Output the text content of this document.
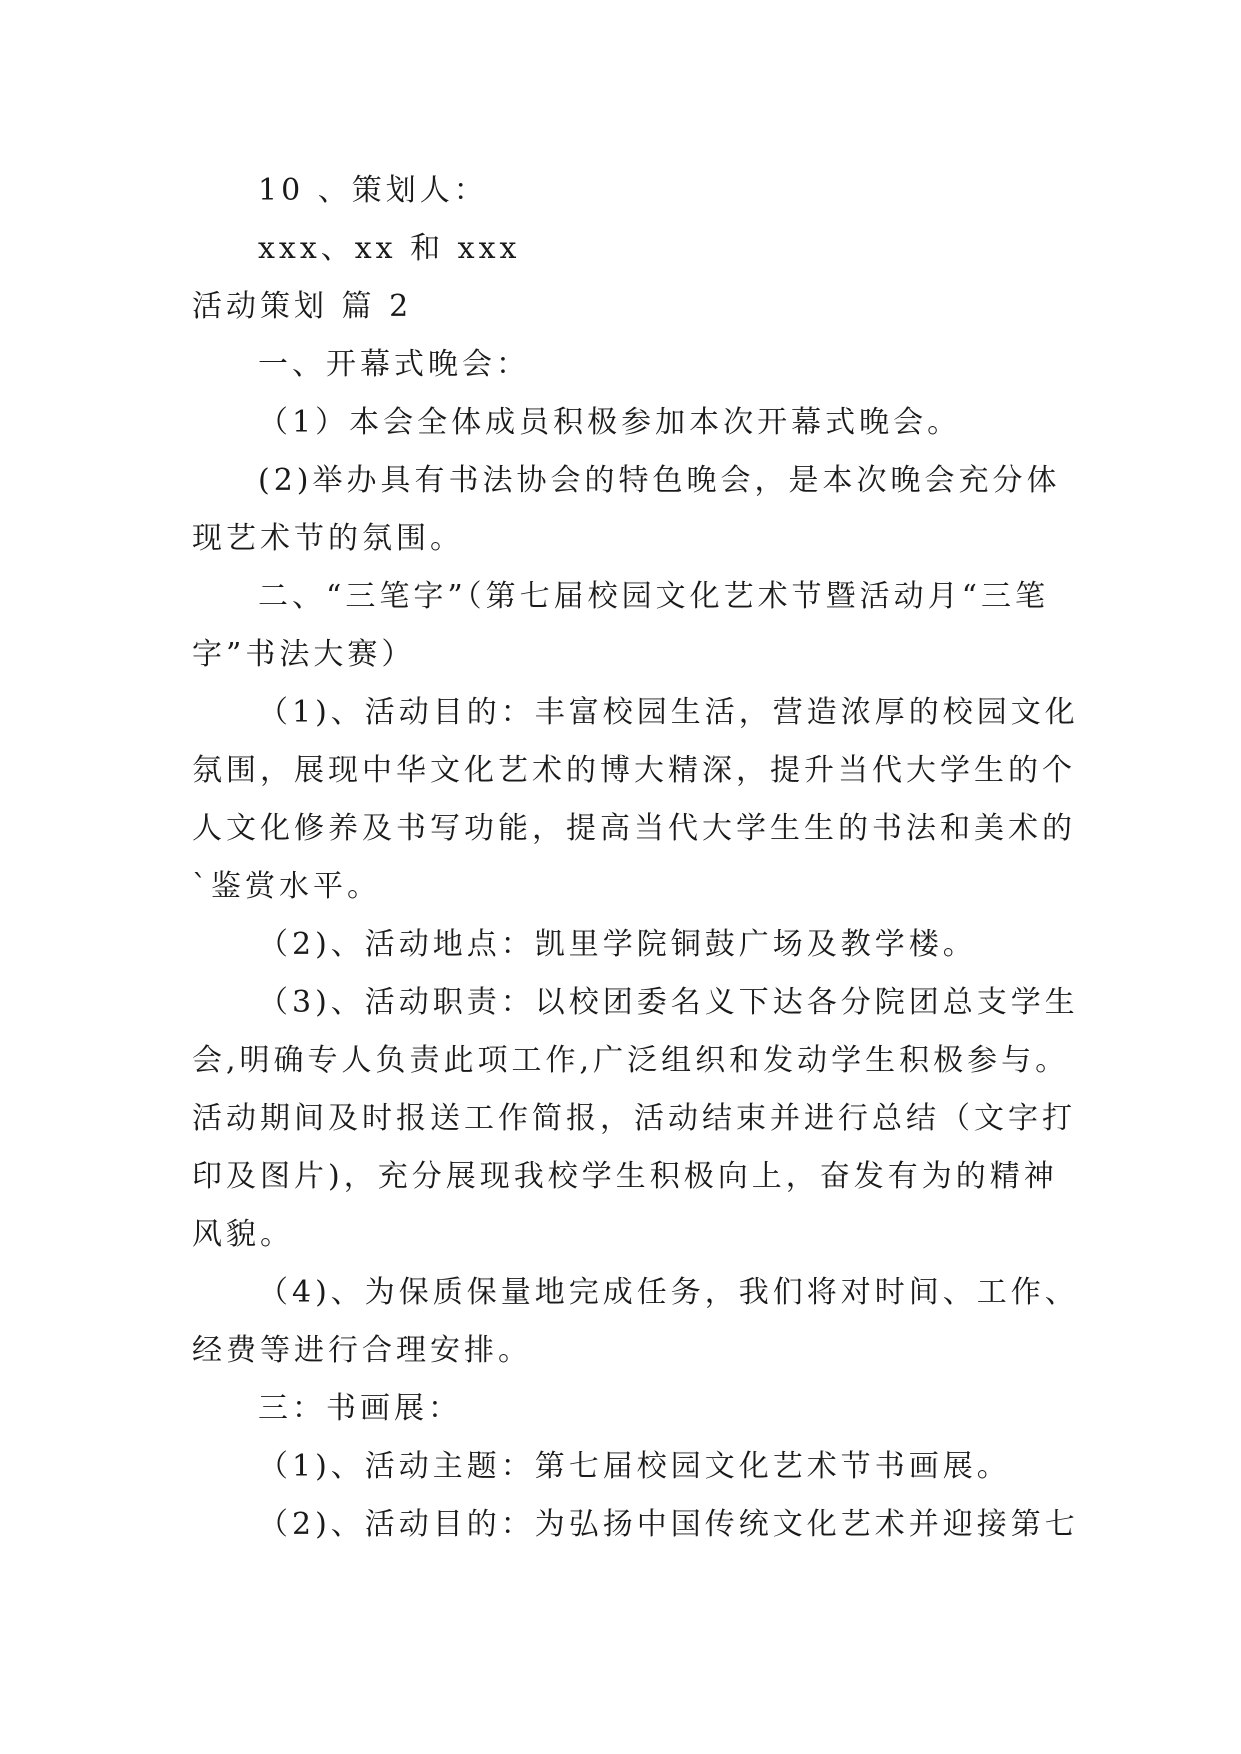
10 、策划人：
xxx、xx 和 xxx
活动策划 篇 2
一、开幕式晚会：
（1）本会全体成员积极参加本次开幕式晚会。
(2)举办具有书法协会的特色晚会，是本次晚会充分体
现艺术节的氛围。
二、“三笔字”（第七届校园文化艺术节暨活动月“三笔
字”书法大赛）
（1)、活动目的：丰富校园生活，营造浓厚的校园文化
氛围，展现中华文化艺术的博大精深，提升当代大学生的个
人文化修养及书写功能，提高当代大学生生的书法和美术的
`鉴赏水平。
（2)、活动地点：凯里学院铜鼓广场及教学楼。
（3)、活动职责：以校团委名义下达各分院团总支学生
会,明确专人负责此项工作,广泛组织和发动学生积极参与。
活动期间及时报送工作简报，活动结束并进行总结（文字打
印及图片)，充分展现我校学生积极向上，奋发有为的精神
风貌。
（4)、为保质保量地完成任务，我们将对时间、工作、
经费等进行合理安排。
三：书画展：
（1)、活动主题：第七届校园文化艺术节书画展。
（2)、活动目的：为弘扬中国传统文化艺术并迎接第七
